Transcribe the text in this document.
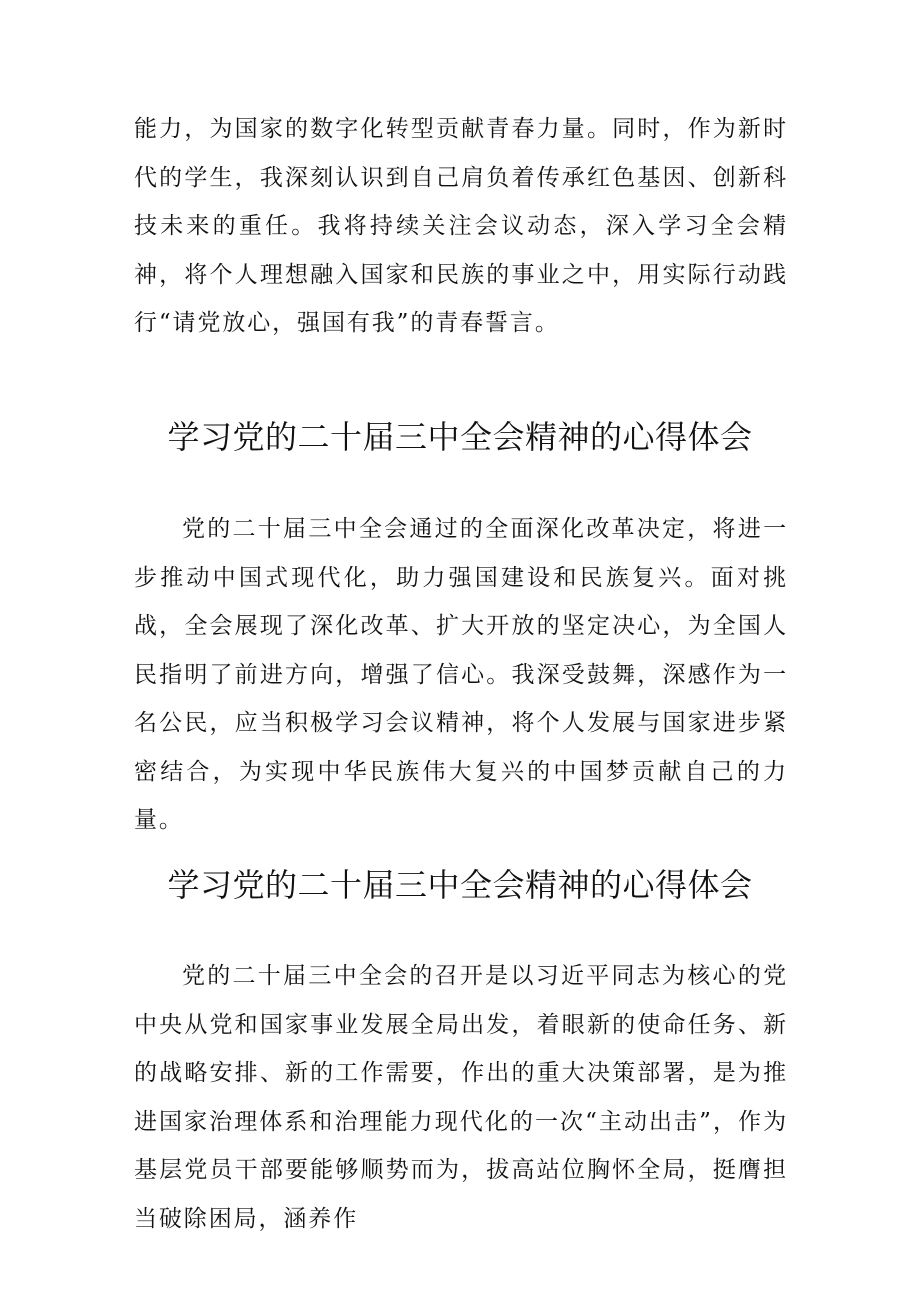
能力，为国家的数字化转型贡献青春力量。同时，作为新时代的学生，我深刻认识到自己肩负着传承红色基因、创新科技未来的重任。我将持续关注会议动态，深入学习全会精神，将个人理想融入国家和民族的事业之中，用实际行动践行“请党放心，强国有我”的青春誓言。

学习党的二十届三中全会精神的心得体会

党的二十届三中全会通过的全面深化改革决定，将进一步推动中国式现代化，助力强国建设和民族复兴。面对挑战，全会展现了深化改革、扩大开放的坚定决心，为全国人民指明了前进方向，增强了信心。我深受鼓舞，深感作为一名公民，应当积极学习会议精神，将个人发展与国家进步紧密结合，为实现中华民族伟大复兴的中国梦贡献自己的力量。

学习党的二十届三中全会精神的心得体会

党的二十届三中全会的召开是以习近平同志为核心的党中央从党和国家事业发展全局出发，着眼新的使命任务、新的战略安排、新的工作需要，作出的重大决策部署，是为推进国家治理体系和治理能力现代化的一次“主动出击”，作为基层党员干部要能够顺势而为，拔高站位胸怀全局，挺膺担当破除困局，涵养作
